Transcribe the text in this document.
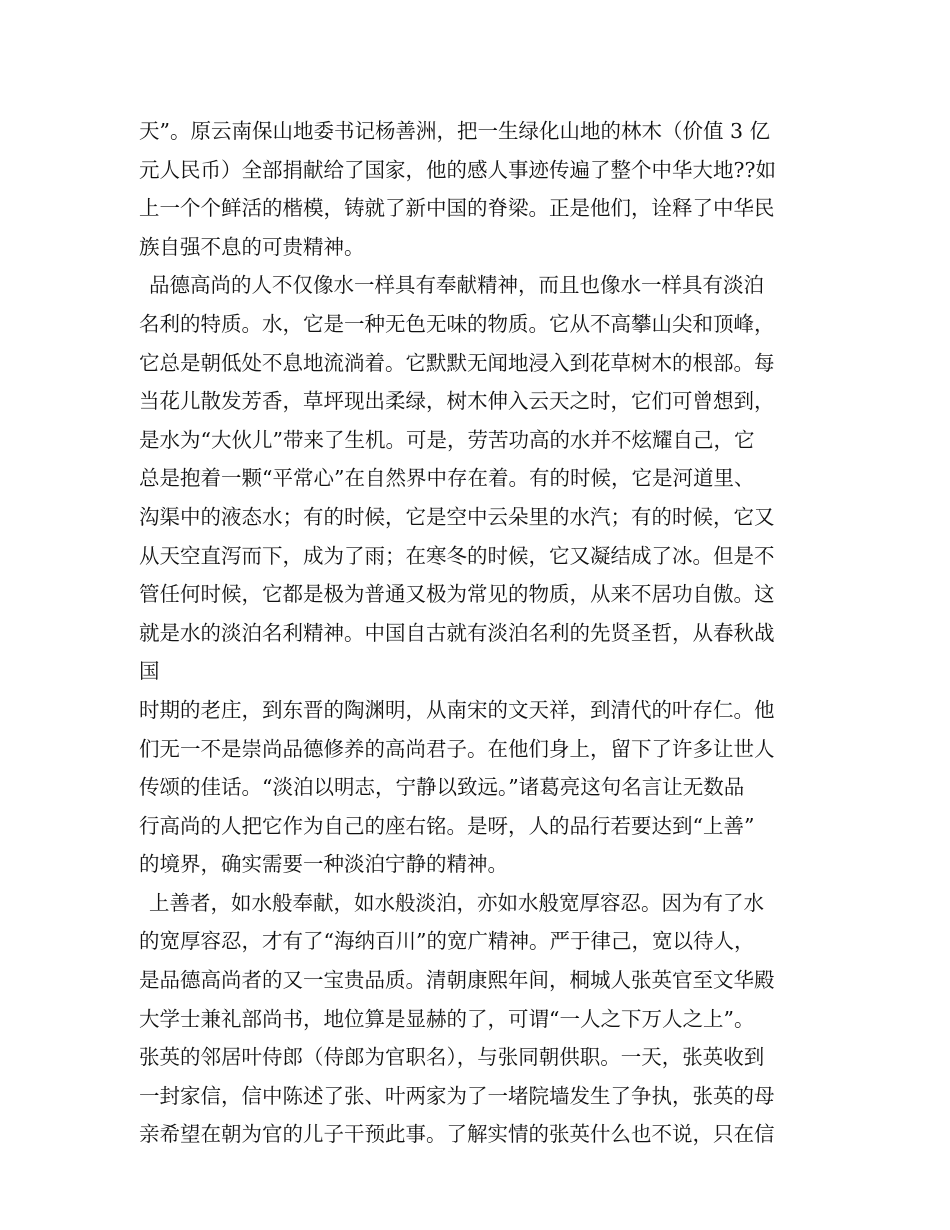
天”。原云南保山地委书记杨善洲，把一生绿化山地的林木（价值 3 亿
元人民币）全部捐献给了国家，他的感人事迹传遍了整个中华大地??如
上一个个鲜活的楷模，铸就了新中国的脊梁。正是他们，诠释了中华民
族自强不息的可贵精神。
品德高尚的人不仅像水一样具有奉献精神，而且也像水一样具有淡泊
名利的特质。水，它是一种无色无味的物质。它从不高攀山尖和顶峰，
它总是朝低处不息地流淌着。它默默无闻地浸入到花草树木的根部。每
当花儿散发芳香，草坪现出柔绿，树木伸入云天之时，它们可曾想到，
是水为“大伙儿”带来了生机。可是，劳苦功高的水并不炫耀自己，它
总是抱着一颗“平常心”在自然界中存在着。有的时候，它是河道里、
沟渠中的液态水；有的时候，它是空中云朵里的水汽；有的时候，它又
从天空直泻而下，成为了雨；在寒冬的时候，它又凝结成了冰。但是不
管任何时候，它都是极为普通又极为常见的物质，从来不居功自傲。这
就是水的淡泊名利精神。中国自古就有淡泊名利的先贤圣哲，从春秋战
国
时期的老庄，到东晋的陶渊明，从南宋的文天祥，到清代的叶存仁。他
们无一不是崇尚品德修养的高尚君子。在他们身上，留下了许多让世人
传颂的佳话。“淡泊以明志，宁静以致远。”诸葛亮这句名言让无数品
行高尚的人把它作为自己的座右铭。是呀，人的品行若要达到“上善”
的境界，确实需要一种淡泊宁静的精神。
上善者，如水般奉献，如水般淡泊，亦如水般宽厚容忍。因为有了水
的宽厚容忍，才有了“海纳百川”的宽广精神。严于律己，宽以待人，
是品德高尚者的又一宝贵品质。清朝康熙年间，桐城人张英官至文华殿
大学士兼礼部尚书，地位算是显赫的了，可谓“一人之下万人之上”。
张英的邻居叶侍郎（侍郎为官职名），与张同朝供职。一天，张英收到
一封家信，信中陈述了张、叶两家为了一堵院墙发生了争执，张英的母
亲希望在朝为官的儿子干预此事。了解实情的张英什么也不说，只在信
